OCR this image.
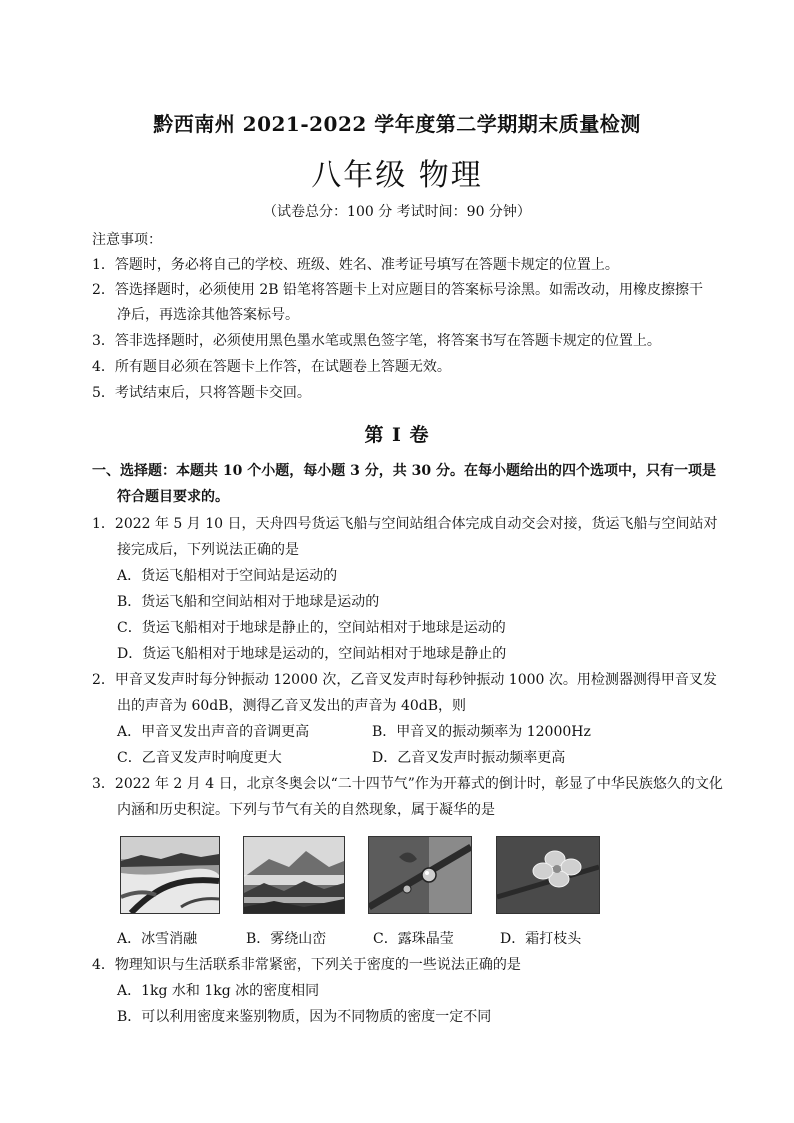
黔西南州 2021-2022 学年度第二学期期末质量检测
八年级 物理
（试卷总分：100 分 考试时间：90 分钟）
注意事项：
1．答题时，务必将自己的学校、班级、姓名、准考证号填写在答题卡规定的位置上。
2．答选择题时，必须使用 2B 铅笔将答题卡上对应题目的答案标号涂黑。如需改动，用橡皮擦擦干
净后，再选涂其他答案标号。
3．答非选择题时，必须使用黑色墨水笔或黑色签字笔，将答案书写在答题卡规定的位置上。
4．所有题目必须在答题卡上作答，在试题卷上答题无效。
5．考试结束后，只将答题卡交回。
第 Ⅰ 卷
一、选择题：本题共 10 个小题，每小题 3 分，共 30 分。在每小题给出的四个选项中，只有一项是
符合题目要求的。
1．2022 年 5 月 10 日，天舟四号货运飞船与空间站组合体完成自动交会对接，货运飞船与空间站对
接完成后，下列说法正确的是
A．货运飞船相对于空间站是运动的
B．货运飞船和空间站相对于地球是运动的
C．货运飞船相对于地球是静止的，空间站相对于地球是运动的
D．货运飞船相对于地球是运动的，空间站相对于地球是静止的
2．甲音叉发声时每分钟振动 12000 次，乙音叉发声时每秒钟振动 1000 次。用检测器测得甲音叉发
出的声音为 60dB，测得乙音叉发出的声音为 40dB，则
A．甲音叉发出声音的音调更高	B．甲音叉的振动频率为 12000Hz
C．乙音叉发声时响度更大	D．乙音叉发声时振动频率更高
3．2022 年 2 月 4 日，北京冬奥会以“二十四节气”作为开幕式的倒计时，彰显了中华民族悠久的文化
内涵和历史积淀。下列与节气有关的自然现象，属于凝华的是
A．冰雪消融	B．雾绕山峦	C．露珠晶莹	D．霜打枝头
4．物理知识与生活联系非常紧密，下列关于密度的一些说法正确的是
A．1kg 水和 1kg 冰的密度相同
B．可以利用密度来鉴别物质，因为不同物质的密度一定不同
